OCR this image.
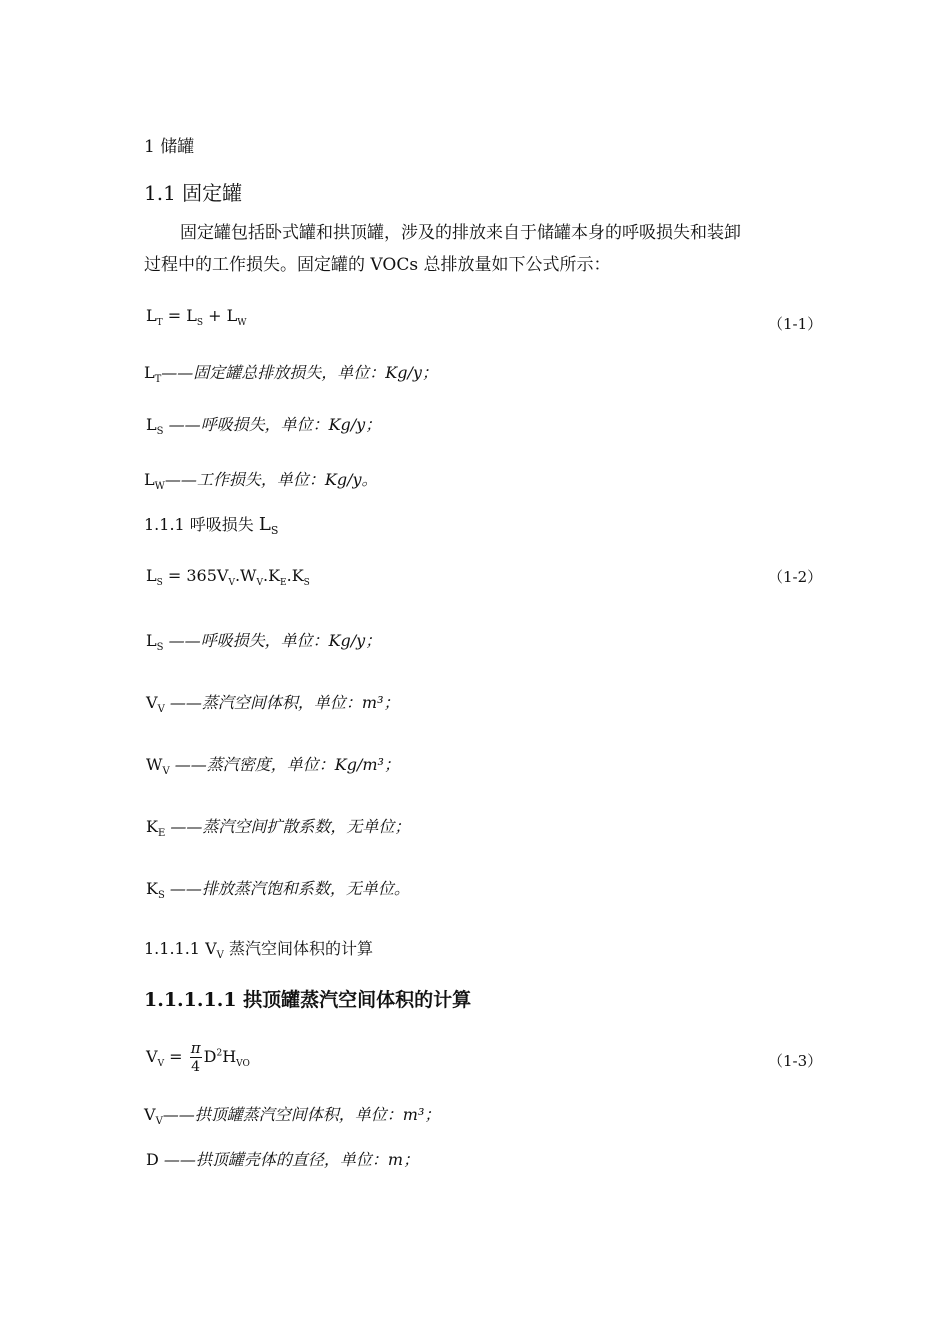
1 储罐
1.1 固定罐
固定罐包括卧式罐和拱顶罐，涉及的排放来自于储罐本身的呼吸损失和装卸
过程中的工作损失。固定罐的 VOCs 总排放量如下公式所示：
$L_T = L_S + L_W$	（1-1）
$L_T——$固定罐总排放损失，单位：Kg/y；
$L_S$ ——呼吸损失，单位：Kg/y；
$L_W——$工作损失，单位：Kg/y。
1.1.1 呼吸损失 $L_S$
$L_S = 365V_V.W_V.K_E.K_S$	（1-2）
$L_S$ ——呼吸损失，单位：Kg/y；
$V_V$ ——蒸汽空间体积，单位：m³；
$W_V$ ——蒸汽密度，单位：Kg/m³；
$K_E$ ——蒸汽空间扩散系数，无单位；
$K_S$ ——排放蒸汽饱和系数，无单位。
1.1.1.1 $V_V$ 蒸汽空间体积的计算
1.1.1.1.1 拱顶罐蒸汽空间体积的计算
$V_V = \frac{\pi}{4} D^2H_{VO}$	（1-3）
$V_V——$拱顶罐蒸汽空间体积，单位：m³；
D ——拱顶罐壳体的直径，单位：m；
